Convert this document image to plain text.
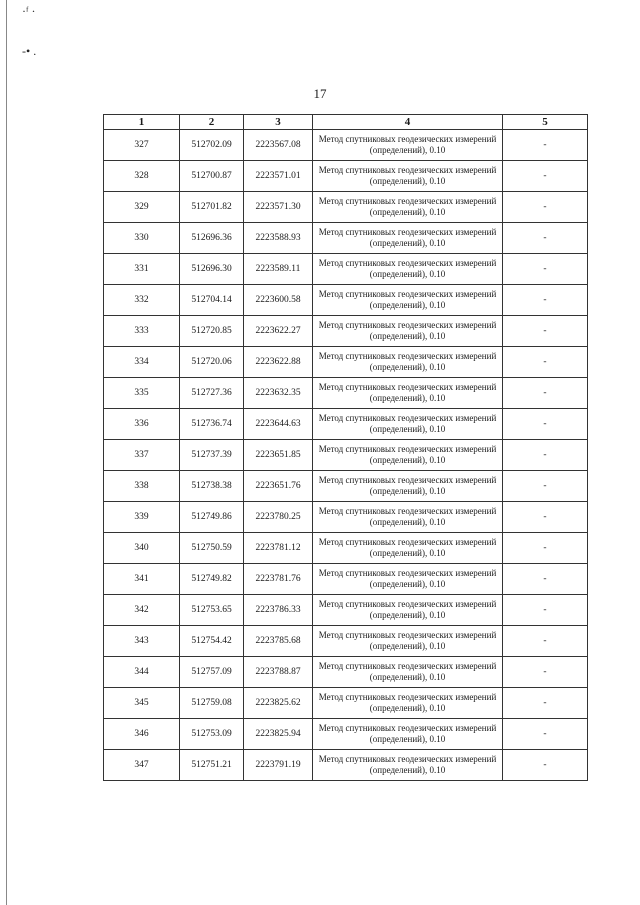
·ᶠ ·
-• .
17
1	2	3	4	5
327	512702.09	2223567.08	Метод спутниковых геодезических измерений (определений), 0.10	-
328	512700.87	2223571.01	Метод спутниковых геодезических измерений (определений), 0.10	-
329	512701.82	2223571.30	Метод спутниковых геодезических измерений (определений), 0.10	-
330	512696.36	2223588.93	Метод спутниковых геодезических измерений (определений), 0.10	-
331	512696.30	2223589.11	Метод спутниковых геодезических измерений (определений), 0.10	-
332	512704.14	2223600.58	Метод спутниковых геодезических измерений (определений), 0.10	-
333	512720.85	2223622.27	Метод спутниковых геодезических измерений (определений), 0.10	-
334	512720.06	2223622.88	Метод спутниковых геодезических измерений (определений), 0.10	-
335	512727.36	2223632.35	Метод спутниковых геодезических измерений (определений), 0.10	-
336	512736.74	2223644.63	Метод спутниковых геодезических измерений (определений), 0.10	-
337	512737.39	2223651.85	Метод спутниковых геодезических измерений (определений), 0.10	-
338	512738.38	2223651.76	Метод спутниковых геодезических измерений (определений), 0.10	-
339	512749.86	2223780.25	Метод спутниковых геодезических измерений (определений), 0.10	-
340	512750.59	2223781.12	Метод спутниковых геодезических измерений (определений), 0.10	-
341	512749.82	2223781.76	Метод спутниковых геодезических измерений (определений), 0.10	-
342	512753.65	2223786.33	Метод спутниковых геодезических измерений (определений), 0.10	-
343	512754.42	2223785.68	Метод спутниковых геодезических измерений (определений), 0.10	-
344	512757.09	2223788.87	Метод спутниковых геодезических измерений (определений), 0.10	-
345	512759.08	2223825.62	Метод спутниковых геодезических измерений (определений), 0.10	-
346	512753.09	2223825.94	Метод спутниковых геодезических измерений (определений), 0.10	-
347	512751.21	2223791.19	Метод спутниковых геодезических измерений (определений), 0.10	-
